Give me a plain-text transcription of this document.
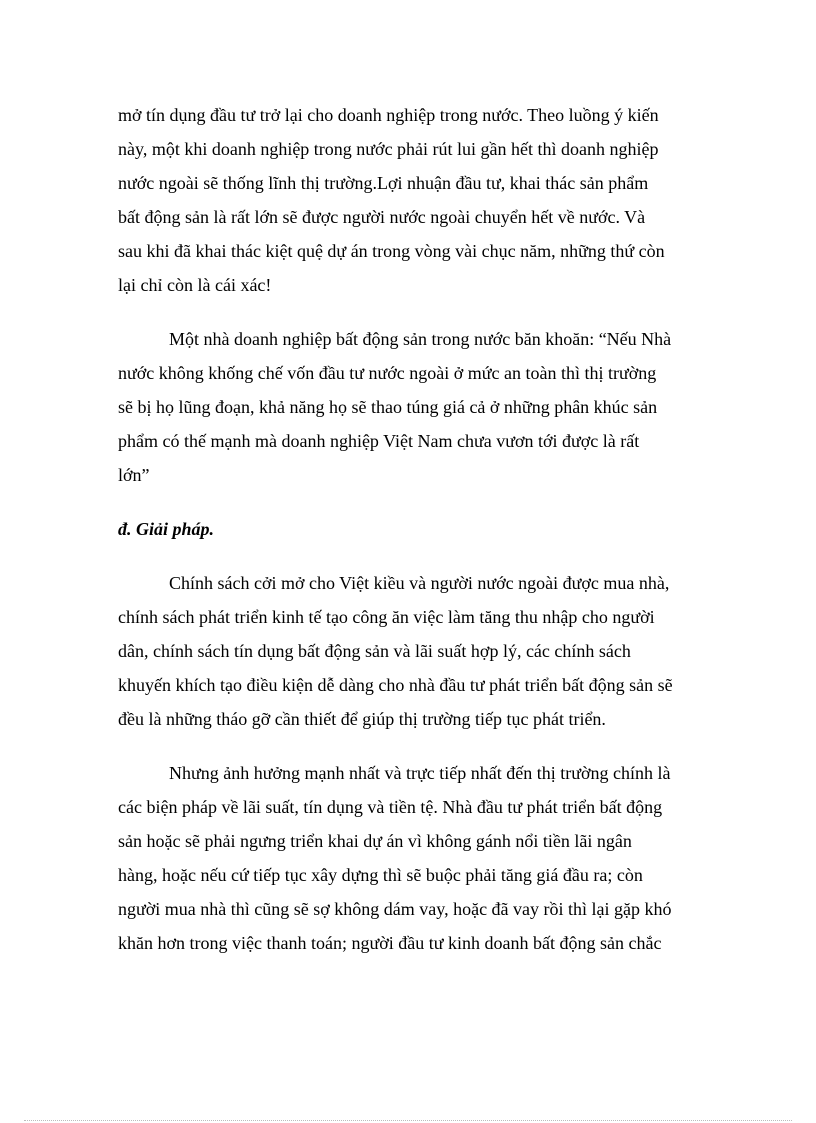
mở tín dụng đầu tư trở lại cho doanh nghiệp trong nước. Theo luồng ý kiến
này, một khi doanh nghiệp trong nước phải rút lui gần hết thì doanh nghiệp
nước ngoài sẽ thống lĩnh thị trường.Lợi nhuận đầu tư, khai thác sản phẩm
bất động sản là rất lớn sẽ được người nước ngoài chuyển hết về nước. Và
sau khi đã khai thác kiệt quệ dự án trong vòng vài chục năm, những thứ còn
lại chỉ còn là cái xác!

Một nhà doanh nghiệp bất động sản trong nước băn khoăn: “Nếu Nhà
nước không khống chế vốn đầu tư nước ngoài ở mức an toàn thì thị trường
sẽ bị họ lũng đoạn, khả năng họ sẽ thao túng giá cả ở những phân khúc sản
phẩm có thế mạnh mà doanh nghiệp Việt Nam chưa vươn tới được là rất
lớn”

đ. Giải pháp.

Chính sách cởi mở cho Việt kiều và người nước ngoài được mua nhà,
chính sách phát triển kinh tế tạo công ăn việc làm tăng thu nhập cho người
dân, chính sách tín dụng bất động sản và lãi suất hợp lý, các chính sách
khuyến khích tạo điều kiện dễ dàng cho nhà đầu tư phát triển bất động sản sẽ
đều là những tháo gỡ cần thiết để giúp thị trường tiếp tục phát triển.

Nhưng ảnh hưởng mạnh nhất và trực tiếp nhất đến thị trường chính là
các biện pháp về lãi suất, tín dụng và tiền tệ. Nhà đầu tư phát triển bất động
sản hoặc sẽ phải ngưng triển khai dự án vì không gánh nổi tiền lãi ngân
hàng, hoặc nếu cứ tiếp tục xây dựng thì sẽ buộc phải tăng giá đầu ra; còn
người mua nhà thì cũng sẽ sợ không dám vay, hoặc đã vay rồi thì lại gặp khó
khăn hơn trong việc thanh toán; người đầu tư kinh doanh bất động sản chắc
